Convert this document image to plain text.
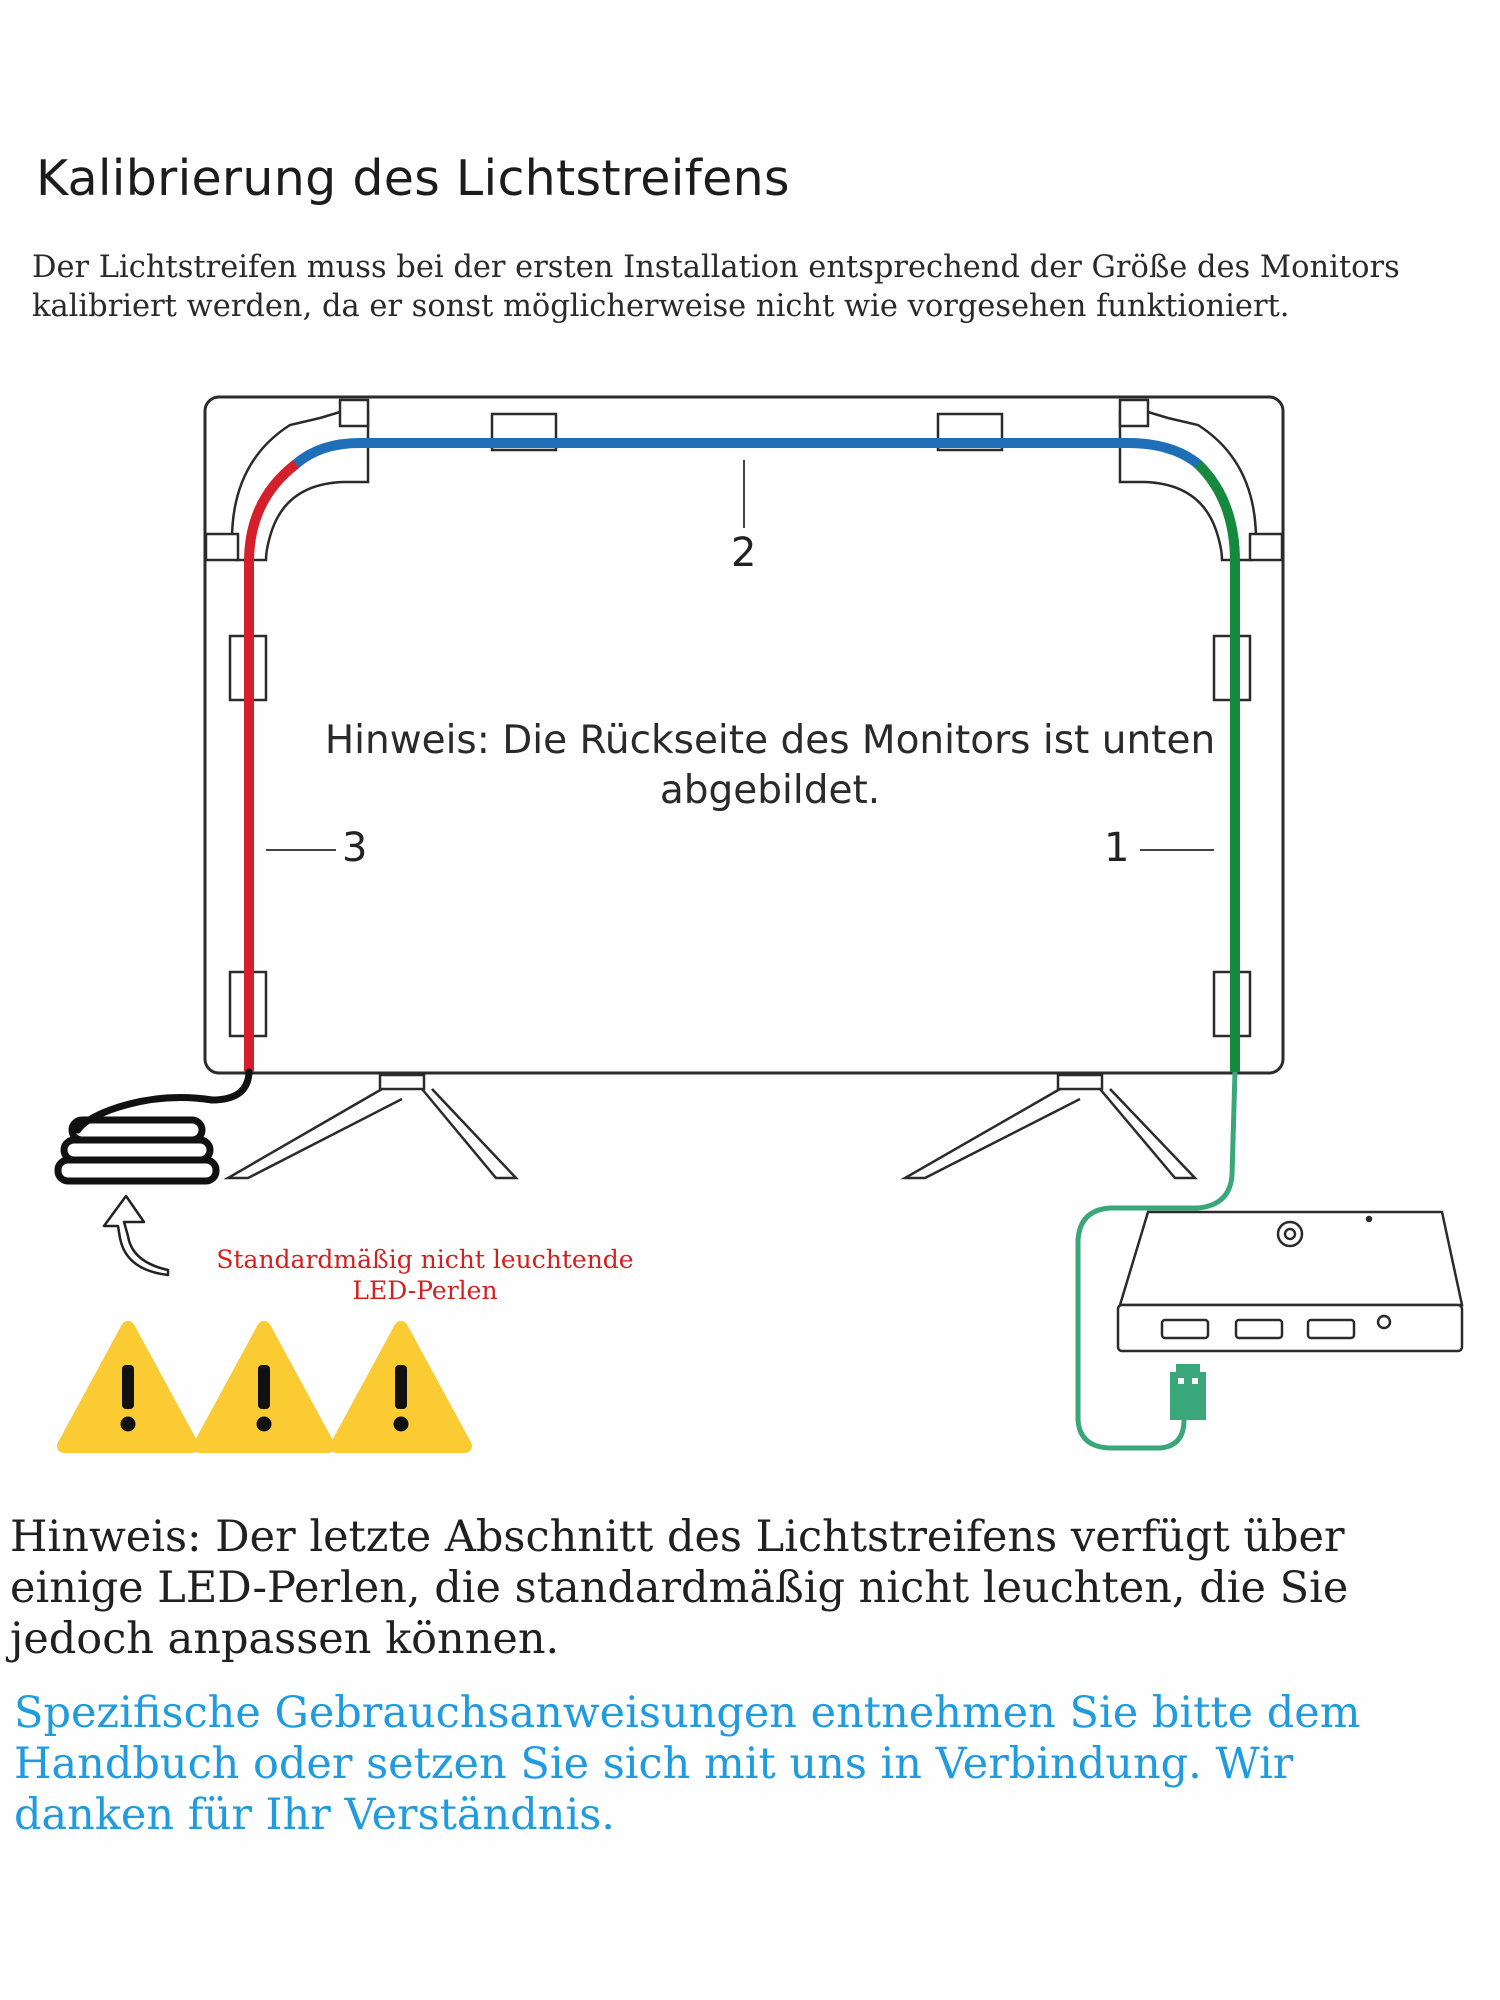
Kalibrierung des Lichtstreifens

Der Lichtstreifen muss bei der ersten Installation entsprechend der Größe des Monitors
kalibriert werden, da er sonst möglicherweise nicht wie vorgesehen funktioniert.

Hinweis: Die Rückseite des Monitors ist unten
abgebildet.
2
3	1
Standardmäßig nicht leuchtende
LED-Perlen

Hinweis: Der letzte Abschnitt des Lichtstreifens verfügt über
einige LED-Perlen, die standardmäßig nicht leuchten, die Sie
jedoch anpassen können.

Spezifische Gebrauchsanweisungen entnehmen Sie bitte dem
Handbuch oder setzen Sie sich mit uns in Verbindung. Wir
danken für Ihr Verständnis.
